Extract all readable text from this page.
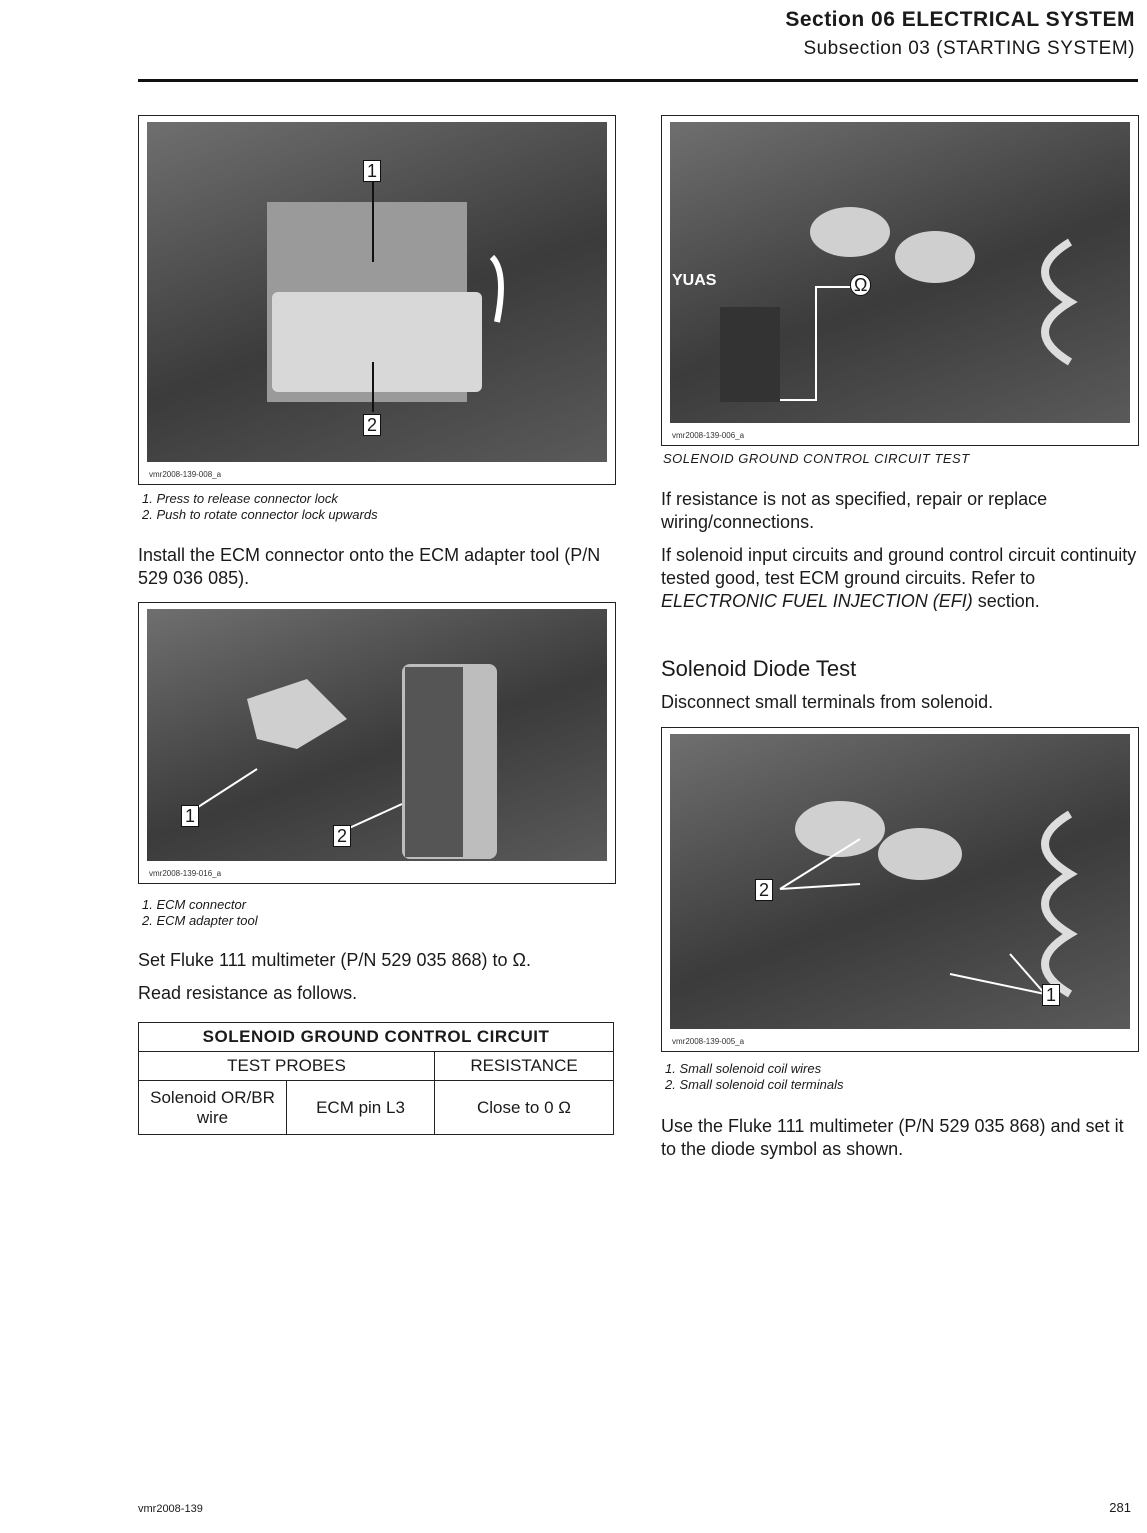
Section 06 ELECTRICAL SYSTEM
Subsection 03 (STARTING SYSTEM)
1
2
vmr2008-139-008_a
1. Press to release connector lock
2. Push to rotate connector lock upwards
Install the ECM connector onto the ECM adapter tool (P/N 529 036 085).
1
2
vmr2008-139-016_a
1. ECM connector
2. ECM adapter tool
Set Fluke 111 multimeter (P/N 529 035 868) to Ω.
Read resistance as follows.
SOLENOID GROUND CONTROL CIRCUIT		
TEST PROBES		RESISTANCE
Solenoid OR/BR wire	ECM pin L3	Close to 0 Ω
Ω
YUAS
vmr2008-139-006_a
SOLENOID GROUND CONTROL CIRCUIT TEST
If resistance is not as specified, repair or replace wiring/connections.
If solenoid input circuits and ground control circuit continuity tested good, test ECM ground circuits. Refer to ELECTRONIC FUEL INJECTION (EFI) section.
Solenoid Diode Test
Disconnect small terminals from solenoid.
2
1
vmr2008-139-005_a
1. Small solenoid coil wires
2. Small solenoid coil terminals
Use the Fluke 111 multimeter (P/N 529 035 868) and set it to the diode symbol as shown.
vmr2008-139	281
